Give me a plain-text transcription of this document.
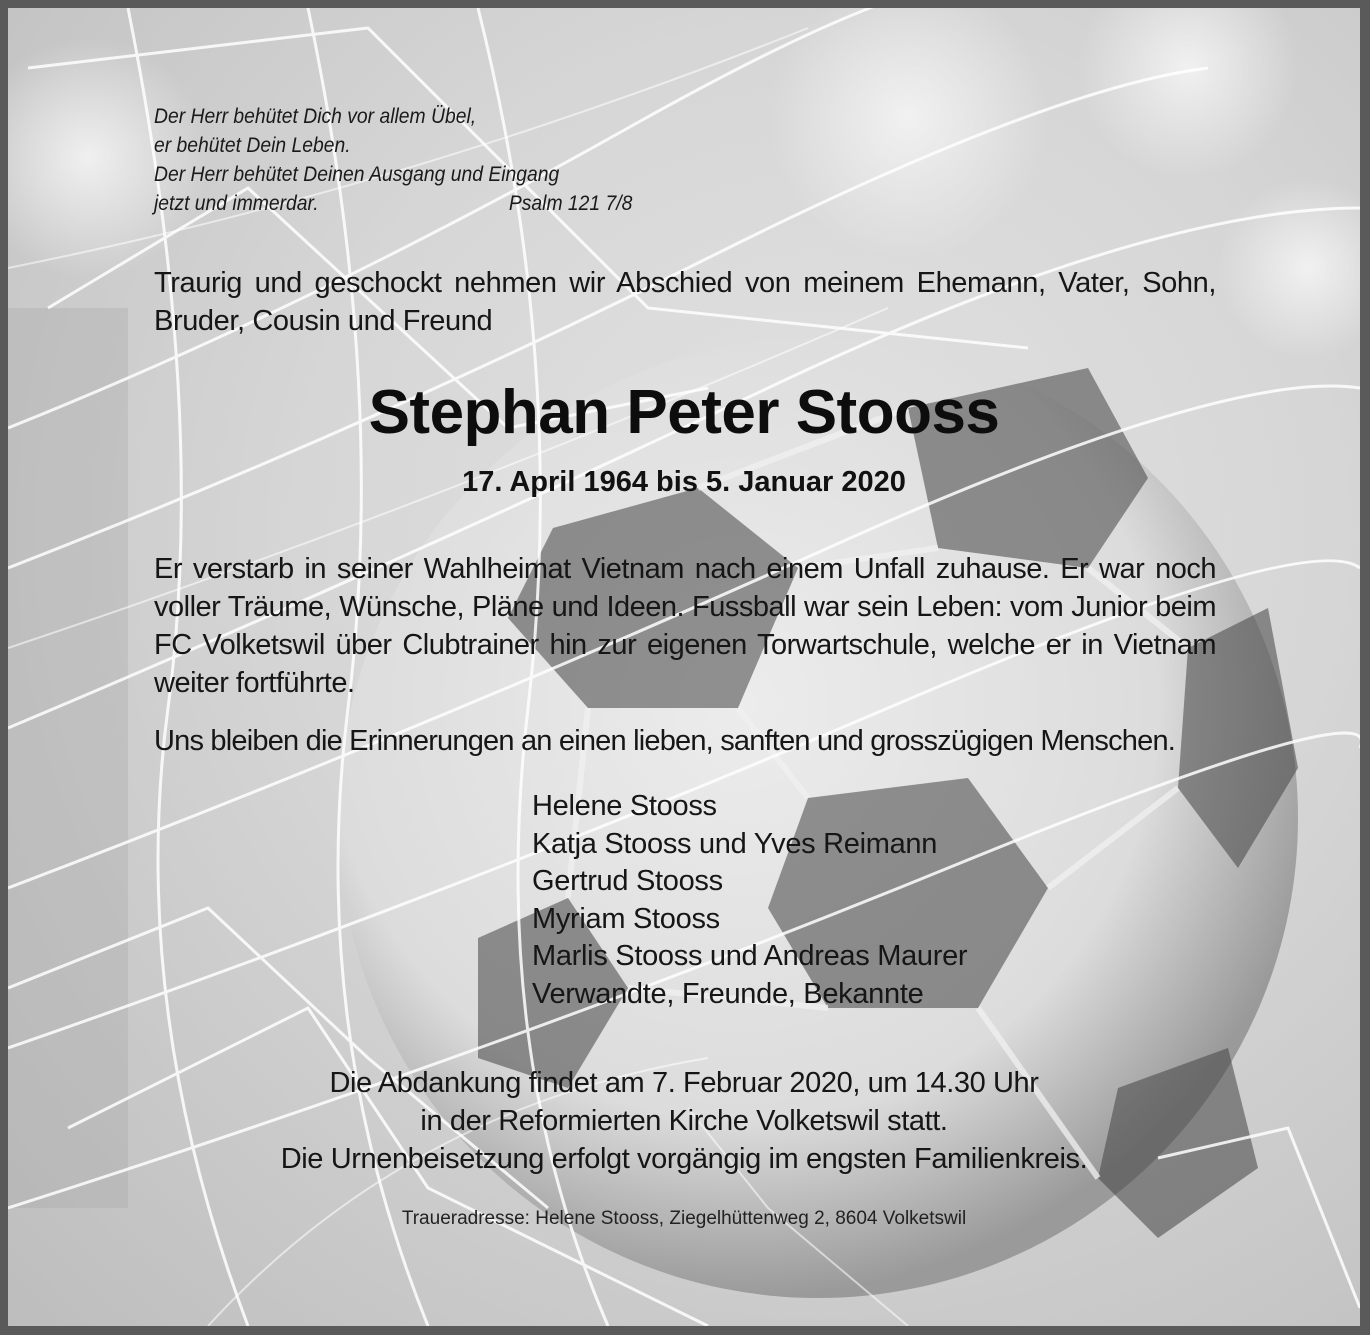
Der Herr behütet Dich vor allem Übel,
er behütet Dein Leben.
Der Herr behütet Deinen Ausgang und Eingang
jetzt und immerdar.	Psalm 121 7/8
Traurig und geschockt nehmen wir Abschied von meinem Ehemann, Vater, Sohn, Bruder, Cousin und Freund
Stephan Peter Stooss
17. April 1964 bis 5. Januar 2020
Er verstarb in seiner Wahlheimat Vietnam nach einem Unfall zuhause. Er war noch voller Träume, Wünsche, Pläne und Ideen. Fussball war sein Leben: vom Junior beim FC Volketswil über Clubtrainer hin zur eigenen Torwartschule, welche er in Vietnam weiter fortführte.
Uns bleiben die Erinnerungen an einen lieben, sanften und grosszügigen Menschen.
Helene Stooss
Katja Stooss und Yves Reimann
Gertrud Stooss
Myriam Stooss
Marlis Stooss und Andreas Maurer
Verwandte, Freunde, Bekannte
Die Abdankung findet am 7. Februar 2020, um 14.30 Uhr
in der Reformierten Kirche Volketswil statt.
Die Urnenbeisetzung erfolgt vorgängig im engsten Familienkreis.
Traueradresse: Helene Stooss, Ziegelhüttenweg 2, 8604 Volketswil
